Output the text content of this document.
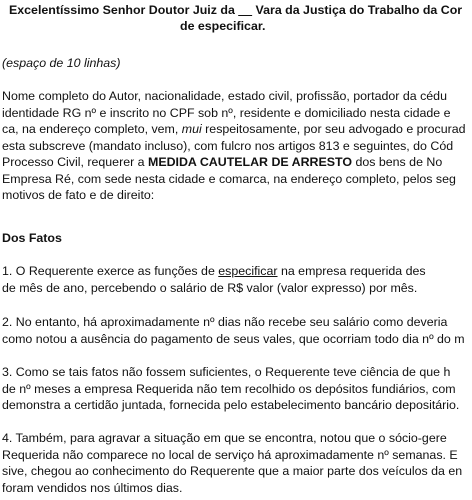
Excelentíssimo Senhor Doutor Juiz da __ Vara da Justiça do Trabalho da Cor
de especificar.
(espaço de 10 linhas)
Nome completo do Autor, nacionalidade, estado civil, profissão, portador da cédu
identidade RG nº e inscrito no CPF sob nº, residente e domiciliado nesta cidade e
ca, na endereço completo, vem, mui respeitosamente, por seu advogado e procurad
esta subscreve (mandato incluso), com fulcro nos artigos 813 e seguintes, do Cód
Processo Civil, requerer a MEDIDA CAUTELAR DE ARRESTO dos bens de No
Empresa Ré, com sede nesta cidade e comarca, na endereço completo, pelos seg
motivos de fato e de direito:
Dos Fatos
1. O Requerente exerce as funções de especificar na empresa requerida des
de mês de ano, percebendo o salário de R$ valor (valor expresso) por mês.
2. No entanto, há aproximadamente nº dias não recebe seu salário como deveria
como notou a ausência do pagamento de seus vales, que ocorriam todo dia nº do m
3. Como se tais fatos não fossem suficientes, o Requerente teve ciência de que h
de nº meses a empresa Requerida não tem recolhido os depósitos fundiários, com
demonstra a certidão juntada, fornecida pelo estabelecimento bancário depositário.
4. Também, para agravar a situação em que se encontra, notou que o sócio-gere
Requerida não comparece no local de serviço há aproximadamente nº semanas. E
sive, chegou ao conhecimento do Requerente que a maior parte dos veículos da en
foram vendidos nos últimos dias.
